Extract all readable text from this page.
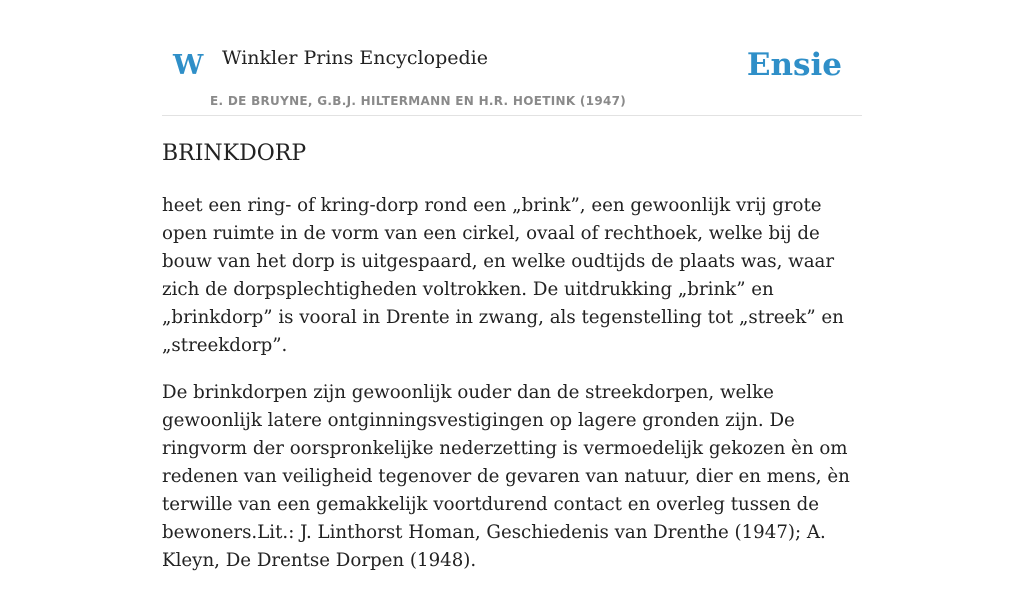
W Winkler Prins Encyclopedie
E. DE BRUYNE, G.B.J. HILTERMANN EN H.R. HOETINK (1947)
Ensie
BRINKDORP

heet een ring- of kring-dorp rond een „brink”, een gewoonlijk vrij grote open ruimte in de vorm van een cirkel, ovaal of rechthoek, welke bij de bouw van het dorp is uitgespaard, en welke oudtijds de plaats was, waar zich de dorpsplechtigheden voltrokken. De uitdrukking „brink” en „brinkdorp” is vooral in Drente in zwang, als tegenstelling tot „streek” en „streekdorp”.

De brinkdorpen zijn gewoonlijk ouder dan de streekdorpen, welke gewoonlijk latere ontginningsvestigingen op lagere gronden zijn. De ringvorm der oorspronkelijke nederzetting is vermoedelijk gekozen èn om redenen van veiligheid tegenover de gevaren van natuur, dier en mens, èn terwille van een gemakkelijk voortdurend contact en overleg tussen de bewoners.Lit.: J. Linthorst Homan, Geschiedenis van Drenthe (1947); A. Kleyn, De Drentse Dorpen (1948).
